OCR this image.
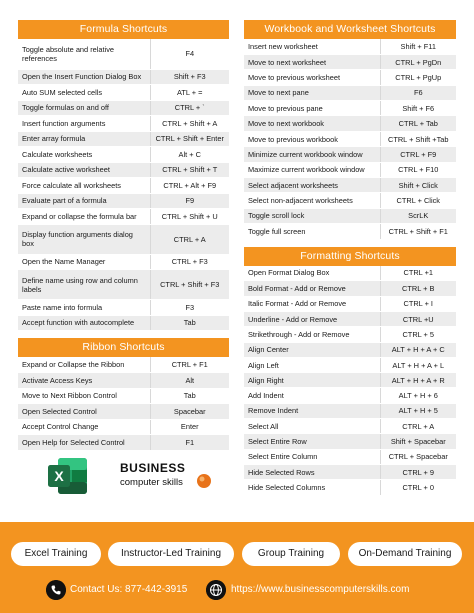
Formula Shortcuts
Toggle absolute and relative references	F4
Open the Insert Function Dialog Box	Shift + F3
Auto SUM selected cells	ATL + =
Toggle formulas on and off	CTRL + `
Insert function arguments	CTRL + Shift + A
Enter array formula	CTRL + Shift + Enter
Calculate worksheets	Alt + C
Calculate active worksheet	CTRL + Shift + T
Force calculate all worksheets	CTRL + Alt + F9
Evaluate part of a formula	F9
Expand or collapse the formula bar	CTRL + Shift + U
Display function arguments dialog box	CTRL + A
Open the Name Manager	CTRL + F3
Define name using row and column labels	CTRL + Shift + F3
Paste name into formula	F3
Accept function with autocomplete	Tab
Ribbon Shortcuts
Expand or Collapse the Ribbon	CTRL + F1
Activate Access Keys	Alt
Move to Next Ribbon Control	Tab
Open Selected Control	Spacebar
Accept Control Change	Enter
Open Help for Selected Control	F1
Workbook and Worksheet Shortcuts
Insert new worksheet	Shift + F11
Move to next worksheet	CTRL + PgDn
Move to previous worksheet	CTRL + PgUp
Move to next pane	F6
Move to previous pane	Shift + F6
Move to next workbook	CTRL + Tab
Move to previous workbook	CTRL + Shift +Tab
Minimize current workbook window	CTRL + F9
Maximize current workbook window	CTRL + F10
Select adjacent worksheets	Shift + Click
Select non-adjacent worksheets	CTRL + Click
Toggle scroll lock	ScrLK
Toggle full screen	CTRL + Shift + F1
Formatting Shortcuts
Open Format Dialog Box	CTRL +1
Bold Format - Add or Remove	CTRL + B
Italic Format - Add or Remove	CTRL + I
Underline - Add or Remove	CTRL +U
Strikethrough - Add or Remove	CTRL + 5
Align Center	ALT + H + A + C
Align Left	ALT + H + A + L
Align Right	ALT + H + A + R
Add Indent	ALT + H + 6
Remove Indent	ALT + H + 5
Select All	CTRL + A
Select Entire Row	Shift + Spacebar
Select Entire Column	CTRL + Spacebar
Hide Selected Rows	CTRL + 9
Hide Selected Columns	CTRL + 0
X	BUSINESS
computer skills
Excel Training	Instructor-Led Training	Group Training	On-Demand Training
Contact Us: 877-442-3915	https://www.businesscomputerskills.com
